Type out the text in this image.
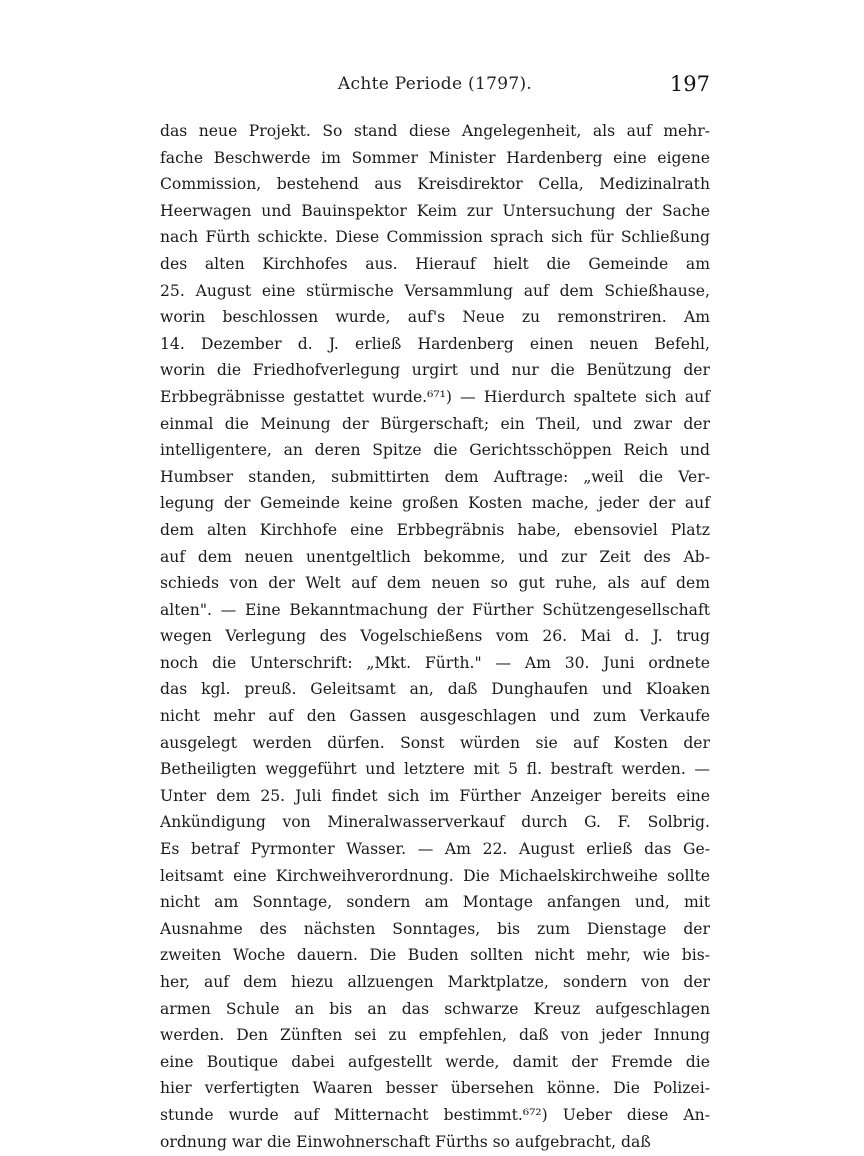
Achte Periode (1797).	197
das neue Projekt. So stand diese Angelegenheit, als auf mehr-
fache Beschwerde im Sommer Minister Hardenberg eine eigene
Commission, bestehend aus Kreisdirektor Cella, Medizinalrath
Heerwagen und Bauinspektor Keim zur Untersuchung der Sache
nach Fürth schickte. Diese Commission sprach sich für Schließung
des alten Kirchhofes aus. Hierauf hielt die Gemeinde am
25. August eine stürmische Versammlung auf dem Schießhause,
worin beschlossen wurde, auf's Neue zu remonstriren. Am
14. Dezember d. J. erließ Hardenberg einen neuen Befehl,
worin die Friedhofverlegung urgirt und nur die Benützung der
Erbbegräbnisse gestattet wurde.⁶⁷¹) — Hierdurch spaltete sich auf
einmal die Meinung der Bürgerschaft; ein Theil, und zwar der
intelligentere, an deren Spitze die Gerichtsschöppen Reich und
Humbser standen, submittirten dem Auftrage: „weil die Ver-
legung der Gemeinde keine großen Kosten mache, jeder der auf
dem alten Kirchhofe eine Erbbegräbnis habe, ebensoviel Platz
auf dem neuen unentgeltlich bekomme, und zur Zeit des Ab-
schieds von der Welt auf dem neuen so gut ruhe, als auf dem
alten". — Eine Bekanntmachung der Fürther Schützengesellschaft
wegen Verlegung des Vogelschießens vom 26. Mai d. J. trug
noch die Unterschrift: „Mkt. Fürth." — Am 30. Juni ordnete
das kgl. preuß. Geleitsamt an, daß Dunghaufen und Kloaken
nicht mehr auf den Gassen ausgeschlagen und zum Verkaufe
ausgelegt werden dürfen. Sonst würden sie auf Kosten der
Betheiligten weggeführt und letztere mit 5 fl. bestraft werden. —
Unter dem 25. Juli findet sich im Fürther Anzeiger bereits eine
Ankündigung von Mineralwasserverkauf durch G. F. Solbrig.
Es betraf Pyrmonter Wasser. — Am 22. August erließ das Ge-
leitsamt eine Kirchweihverordnung. Die Michaelskirchweihe sollte
nicht am Sonntage, sondern am Montage anfangen und, mit
Ausnahme des nächsten Sonntages, bis zum Dienstage der
zweiten Woche dauern. Die Buden sollten nicht mehr, wie bis-
her, auf dem hiezu allzuengen Marktplatze, sondern von der
armen Schule an bis an das schwarze Kreuz aufgeschlagen
werden. Den Zünften sei zu empfehlen, daß von jeder Innung
eine Boutique dabei aufgestellt werde, damit der Fremde die
hier verfertigten Waaren besser übersehen könne. Die Polizei-
stunde wurde auf Mitternacht bestimmt.⁶⁷²) Ueber diese An-
ordnung war die Einwohnerschaft Fürths so aufgebracht, daß
